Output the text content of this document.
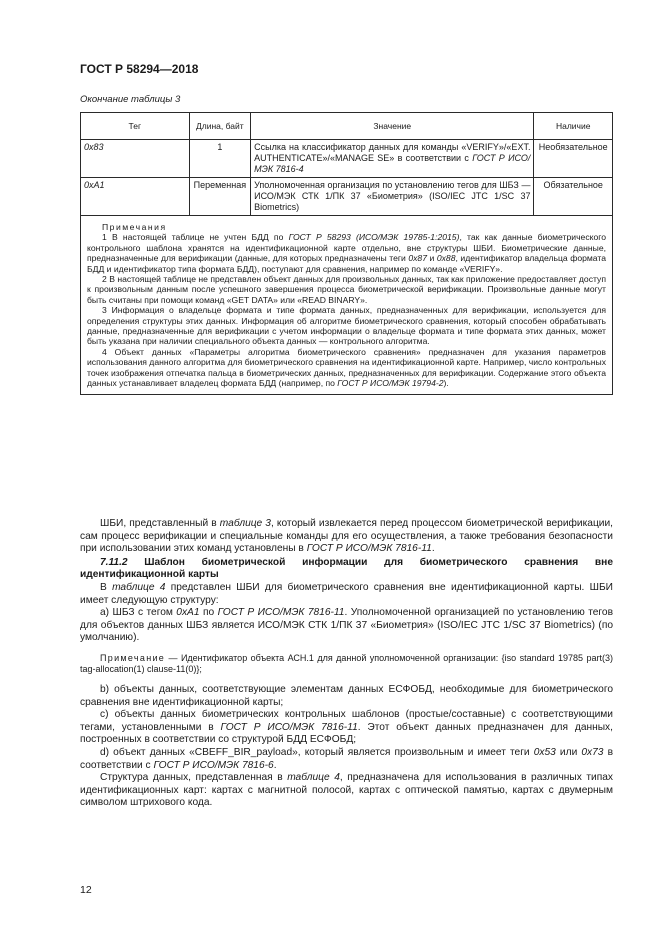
ГОСТ Р 58294—2018
Окончание таблицы 3
Тег	Длина, байт	Значение	Наличие
0x83	1	Ссылка на классификатор данных для команды «VERIFY»/«EXT. AUTHENTICATE»/«MANAGE SE» в соответствии с ГОСТ Р ИСО/МЭК 7816-4	Необязательное
0xA1	Переменная	Уполномоченная организация по установлению тегов для ШБЗ — ИСО/МЭК СТК 1/ПК 37 «Биометрия» (ISO/IEC JTC 1/SC 37 Biometrics)	Обязательное

Примечания

1 В настоящей таблице не учтен БДД по ГОСТ Р 58293 (ИСО/МЭК 19785-1:2015), так как данные биометрического контрольного шаблона хранятся на идентификационной карте отдельно, вне структуры ШБИ. Биометрические данные, предназначенные для верификации (данные, для которых предназначены теги 0x87 и 0x88, идентификатор владельца формата БДД и идентификатор типа формата БДД), поступают для сравнения, например по команде «VERIFY».

2 В настоящей таблице не представлен объект данных для произвольных данных, так как приложение предоставляет доступ к произвольным данным после успешного завершения процесса биометрической верификации. Произвольные данные могут быть считаны при помощи команд «GET DATA» или «READ BINARY».

3 Информация о владельце формата и типе формата данных, предназначенных для верификации, используется для определения структуры этих данных. Информация об алгоритме биометрического сравнения, который способен обрабатывать данные, предназначенные для верификации с учетом информации о владельце формата и типе формата этих данных, может быть указана при наличии специального объекта данных — контрольного алгоритма.

4 Объект данных «Параметры алгоритма биометрического сравнения» предназначен для указания параметров использования данного алгоритма для биометрического сравнения на идентификационной карте. Например, число контрольных точек изображения отпечатка пальца в биометрических данных, предназначенных для верификации. Содержание этого объекта данных устанавливает владелец формата БДД (например, по ГОСТ Р ИСО/МЭК 19794-2).			

ШБИ, представленный в таблице 3, который извлекается перед процессом биометрической верификации, сам процесс верификации и специальные команды для его осуществления, а также требования безопасности при использовании этих команд установлены в ГОСТ Р ИСО/МЭК 7816-11.

7.11.2 Шаблон биометрической информации для биометрического сравнения вне идентификационной карты

В таблице 4 представлен ШБИ для биометрического сравнения вне идентификационной карты. ШБИ имеет следующую структуру:

а) ШБЗ с тегом 0xA1 по ГОСТ Р ИСО/МЭК 7816-11. Уполномоченной организацией по установлению тегов для объектов данных ШБЗ является ИСО/МЭК СТК 1/ПК 37 «Биометрия» (ISO/IEC JTC 1/SC 37 Biometrics) (по умолчанию).

Примечание — Идентификатор объекта АСН.1 для данной уполномоченной организации: {iso standard 19785 part(3) tag-allocation(1) clause-11(0)};

b) объекты данных, соответствующие элементам данных ЕСФОБД, необходимые для биометрического сравнения вне идентификационной карты;

c) объекты данных биометрических контрольных шаблонов (простые/составные) с соответствующими тегами, установленными в ГОСТ Р ИСО/МЭК 7816-11. Этот объект данных предназначен для данных, построенных в соответствии со структурой БДД ЕСФОБД;

d) объект данных «CBEFF_BIR_payload», который является произвольным и имеет теги 0x53 или 0x73 в соответствии с ГОСТ Р ИСО/МЭК 7816-6.

Структура данных, представленная в таблице 4, предназначена для использования в различных типах идентификационных карт: картах с магнитной полосой, картах с оптической памятью, картах с двумерным символом штрихового кода.

12
